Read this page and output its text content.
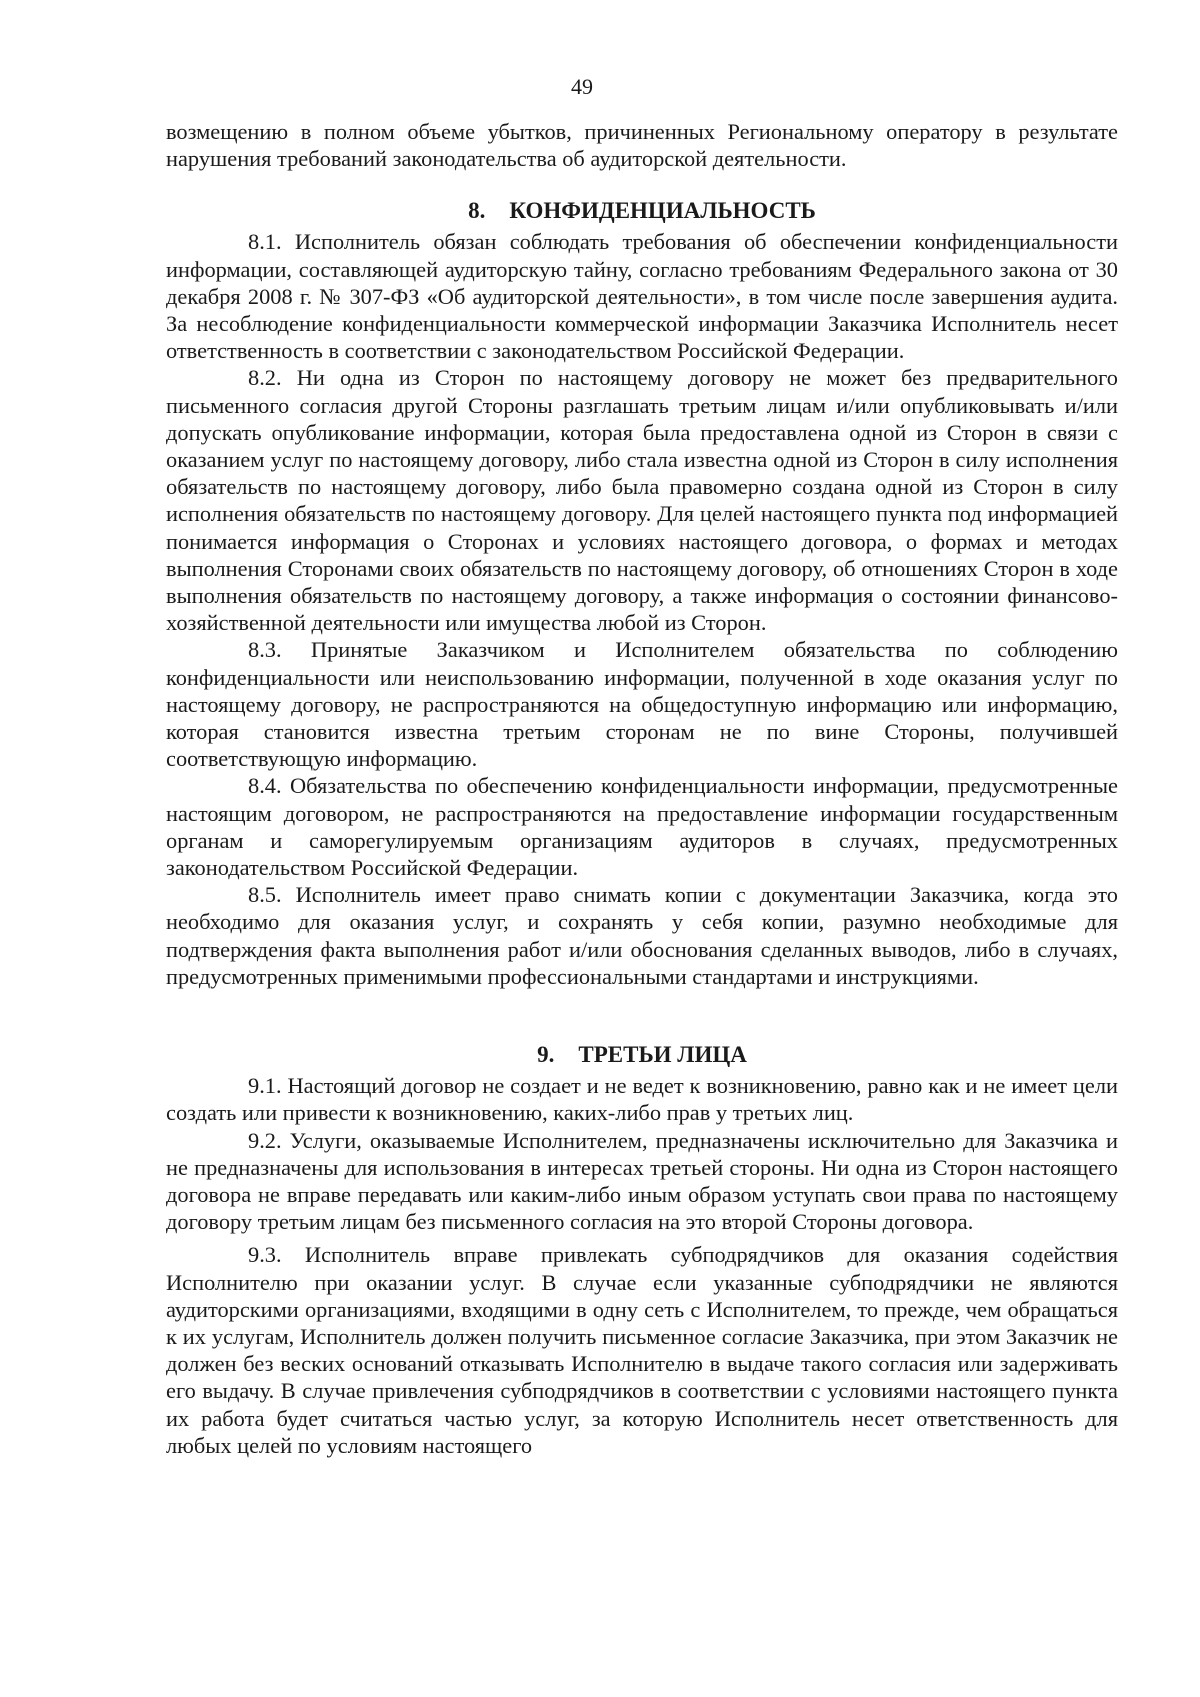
49

возмещению в полном объеме убытков, причиненных Региональному оператору в результате нарушения требований законодательства об аудиторской деятельности.

8. КОНФИДЕНЦИАЛЬНОСТЬ

8.1. Исполнитель обязан соблюдать требования об обеспечении конфиденциальности информации, составляющей аудиторскую тайну, согласно требованиям Федерального закона от 30 декабря 2008 г. № 307-ФЗ «Об аудиторской деятельности», в том числе после завершения аудита. За несоблюдение конфиденциальности коммерческой информации Заказчика Исполнитель несет ответственность в соответствии с законодательством Российской Федерации.

8.2. Ни одна из Сторон по настоящему договору не может без предварительного письменного согласия другой Стороны разглашать третьим лицам и/или опубликовывать и/или допускать опубликование информации, которая была предоставлена одной из Сторон в связи с оказанием услуг по настоящему договору, либо стала известна одной из Сторон в силу исполнения обязательств по настоящему договору, либо была правомерно создана одной из Сторон в силу исполнения обязательств по настоящему договору. Для целей настоящего пункта под информацией понимается информация о Сторонах и условиях настоящего договора, о формах и методах выполнения Сторонами своих обязательств по настоящему договору, об отношениях Сторон в ходе выполнения обязательств по настоящему договору, а также информация о состоянии финансово-хозяйственной деятельности или имущества любой из Сторон.

8.3. Принятые Заказчиком и Исполнителем обязательства по соблюдению конфиденциальности или неиспользованию информации, полученной в ходе оказания услуг по настоящему договору, не распространяются на общедоступную информацию или информацию, которая становится известна третьим сторонам не по вине Стороны, получившей соответствующую информацию.

8.4. Обязательства по обеспечению конфиденциальности информации, предусмотренные настоящим договором, не распространяются на предоставление информации государственным органам и саморегулируемым организациям аудиторов в случаях, предусмотренных законодательством Российской Федерации.

8.5. Исполнитель имеет право снимать копии с документации Заказчика, когда это необходимо для оказания услуг, и сохранять у себя копии, разумно необходимые для подтверждения факта выполнения работ и/или обоснования сделанных выводов, либо в случаях, предусмотренных применимыми профессиональными стандартами и инструкциями.

9. ТРЕТЬИ ЛИЦА

9.1. Настоящий договор не создает и не ведет к возникновению, равно как и не имеет цели создать или привести к возникновению, каких-либо прав у третьих лиц.

9.2. Услуги, оказываемые Исполнителем, предназначены исключительно для Заказчика и не предназначены для использования в интересах третьей стороны. Ни одна из Сторон настоящего договора не вправе передавать или каким-либо иным образом уступать свои права по настоящему договору третьим лицам без письменного согласия на это второй Стороны договора.

9.3. Исполнитель вправе привлекать субподрядчиков для оказания содействия Исполнителю при оказании услуг. В случае если указанные субподрядчики не являются аудиторскими организациями, входящими в одну сеть с Исполнителем, то прежде, чем обращаться к их услугам, Исполнитель должен получить письменное согласие Заказчика, при этом Заказчик не должен без веских оснований отказывать Исполнителю в выдаче такого согласия или задерживать его выдачу. В случае привлечения субподрядчиков в соответствии с условиями настоящего пункта их работа будет считаться частью услуг, за которую Исполнитель несет ответственность для любых целей по условиям настоящего
